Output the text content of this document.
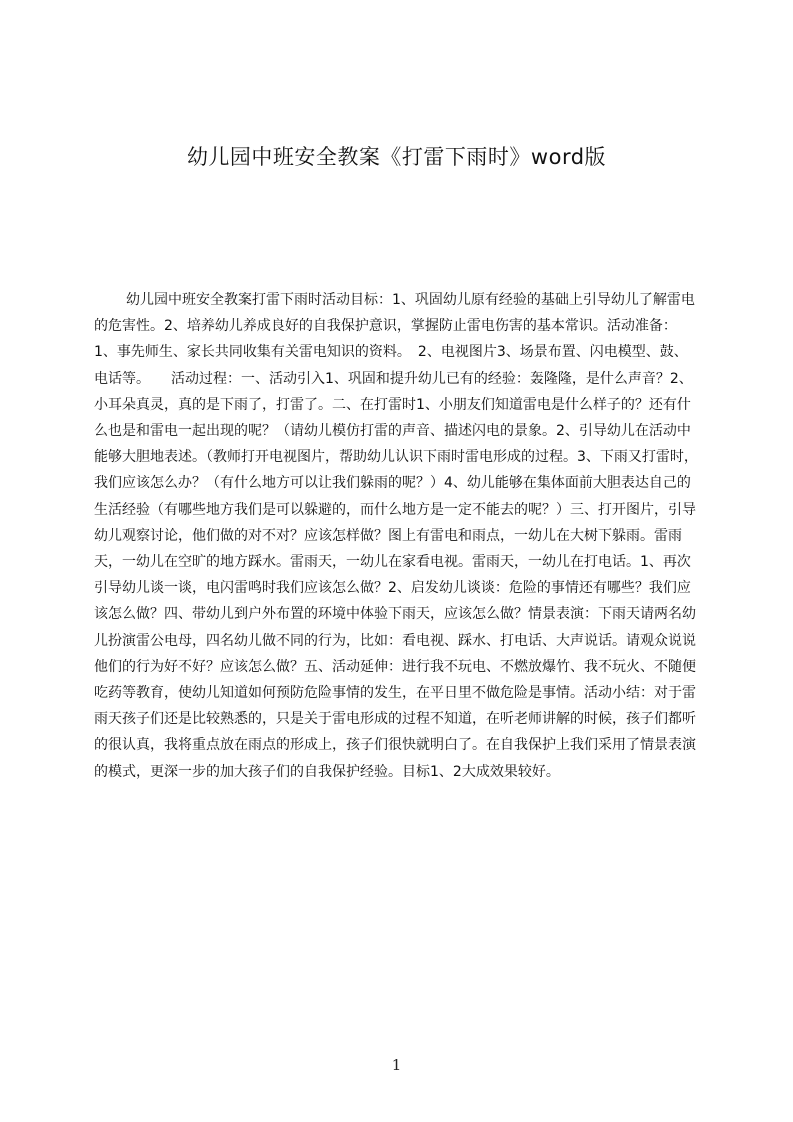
幼儿园中班安全教案《打雷下雨时》word版

幼儿园中班安全教案打雷下雨时活动目标：1、巩固幼儿原有经验的基础上引导幼儿了解雷电的危害性。2、培养幼儿养成良好的自我保护意识，掌握防止雷电伤害的基本常识。活动准备：1、事先师生、家长共同收集有关雷电知识的资料。　2、电视图片3、场景布置、闪电模型、鼓、电话等。　　活动过程：一、活动引入1、巩固和提升幼儿已有的经验：轰隆隆，是什么声音？2、小耳朵真灵，真的是下雨了，打雷了。二、在打雷时1、小朋友们知道雷电是什么样子的？还有什么也是和雷电一起出现的呢？（请幼儿模仿打雷的声音、描述闪电的景象。2、引导幼儿在活动中能够大胆地表述。（教师打开电视图片，帮助幼儿认识下雨时雷电形成的过程。3、下雨又打雷时，我们应该怎么办？（有什么地方可以让我们躲雨的呢？）4、幼儿能够在集体面前大胆表达自己的生活经验（有哪些地方我们是可以躲避的，而什么地方是一定不能去的呢？）三、打开图片，引导幼儿观察讨论，他们做的对不对？应该怎样做？图上有雷电和雨点，一幼儿在大树下躲雨。雷雨天，一幼儿在空旷的地方踩水。雷雨天，一幼儿在家看电视。雷雨天，一幼儿在打电话。1、再次引导幼儿谈一谈，电闪雷鸣时我们应该怎么做？2、启发幼儿谈谈：危险的事情还有哪些？我们应该怎么做？四、带幼儿到户外布置的环境中体验下雨天，应该怎么做？情景表演：下雨天请两名幼儿扮演雷公电母，四名幼儿做不同的行为，比如：看电视、踩水、打电话、大声说话。请观众说说他们的行为好不好？应该怎么做？五、活动延伸：进行我不玩电、不燃放爆竹、我不玩火、不随便吃药等教育，使幼儿知道如何预防危险事情的发生，在平日里不做危险是事情。活动小结：对于雷雨天孩子们还是比较熟悉的，只是关于雷电形成的过程不知道，在听老师讲解的时候，孩子们都听的很认真，我将重点放在雨点的形成上，孩子们很快就明白了。在自我保护上我们采用了情景表演的模式，更深一步的加大孩子们的自我保护经验。目标1、2大成效果较好。

1
